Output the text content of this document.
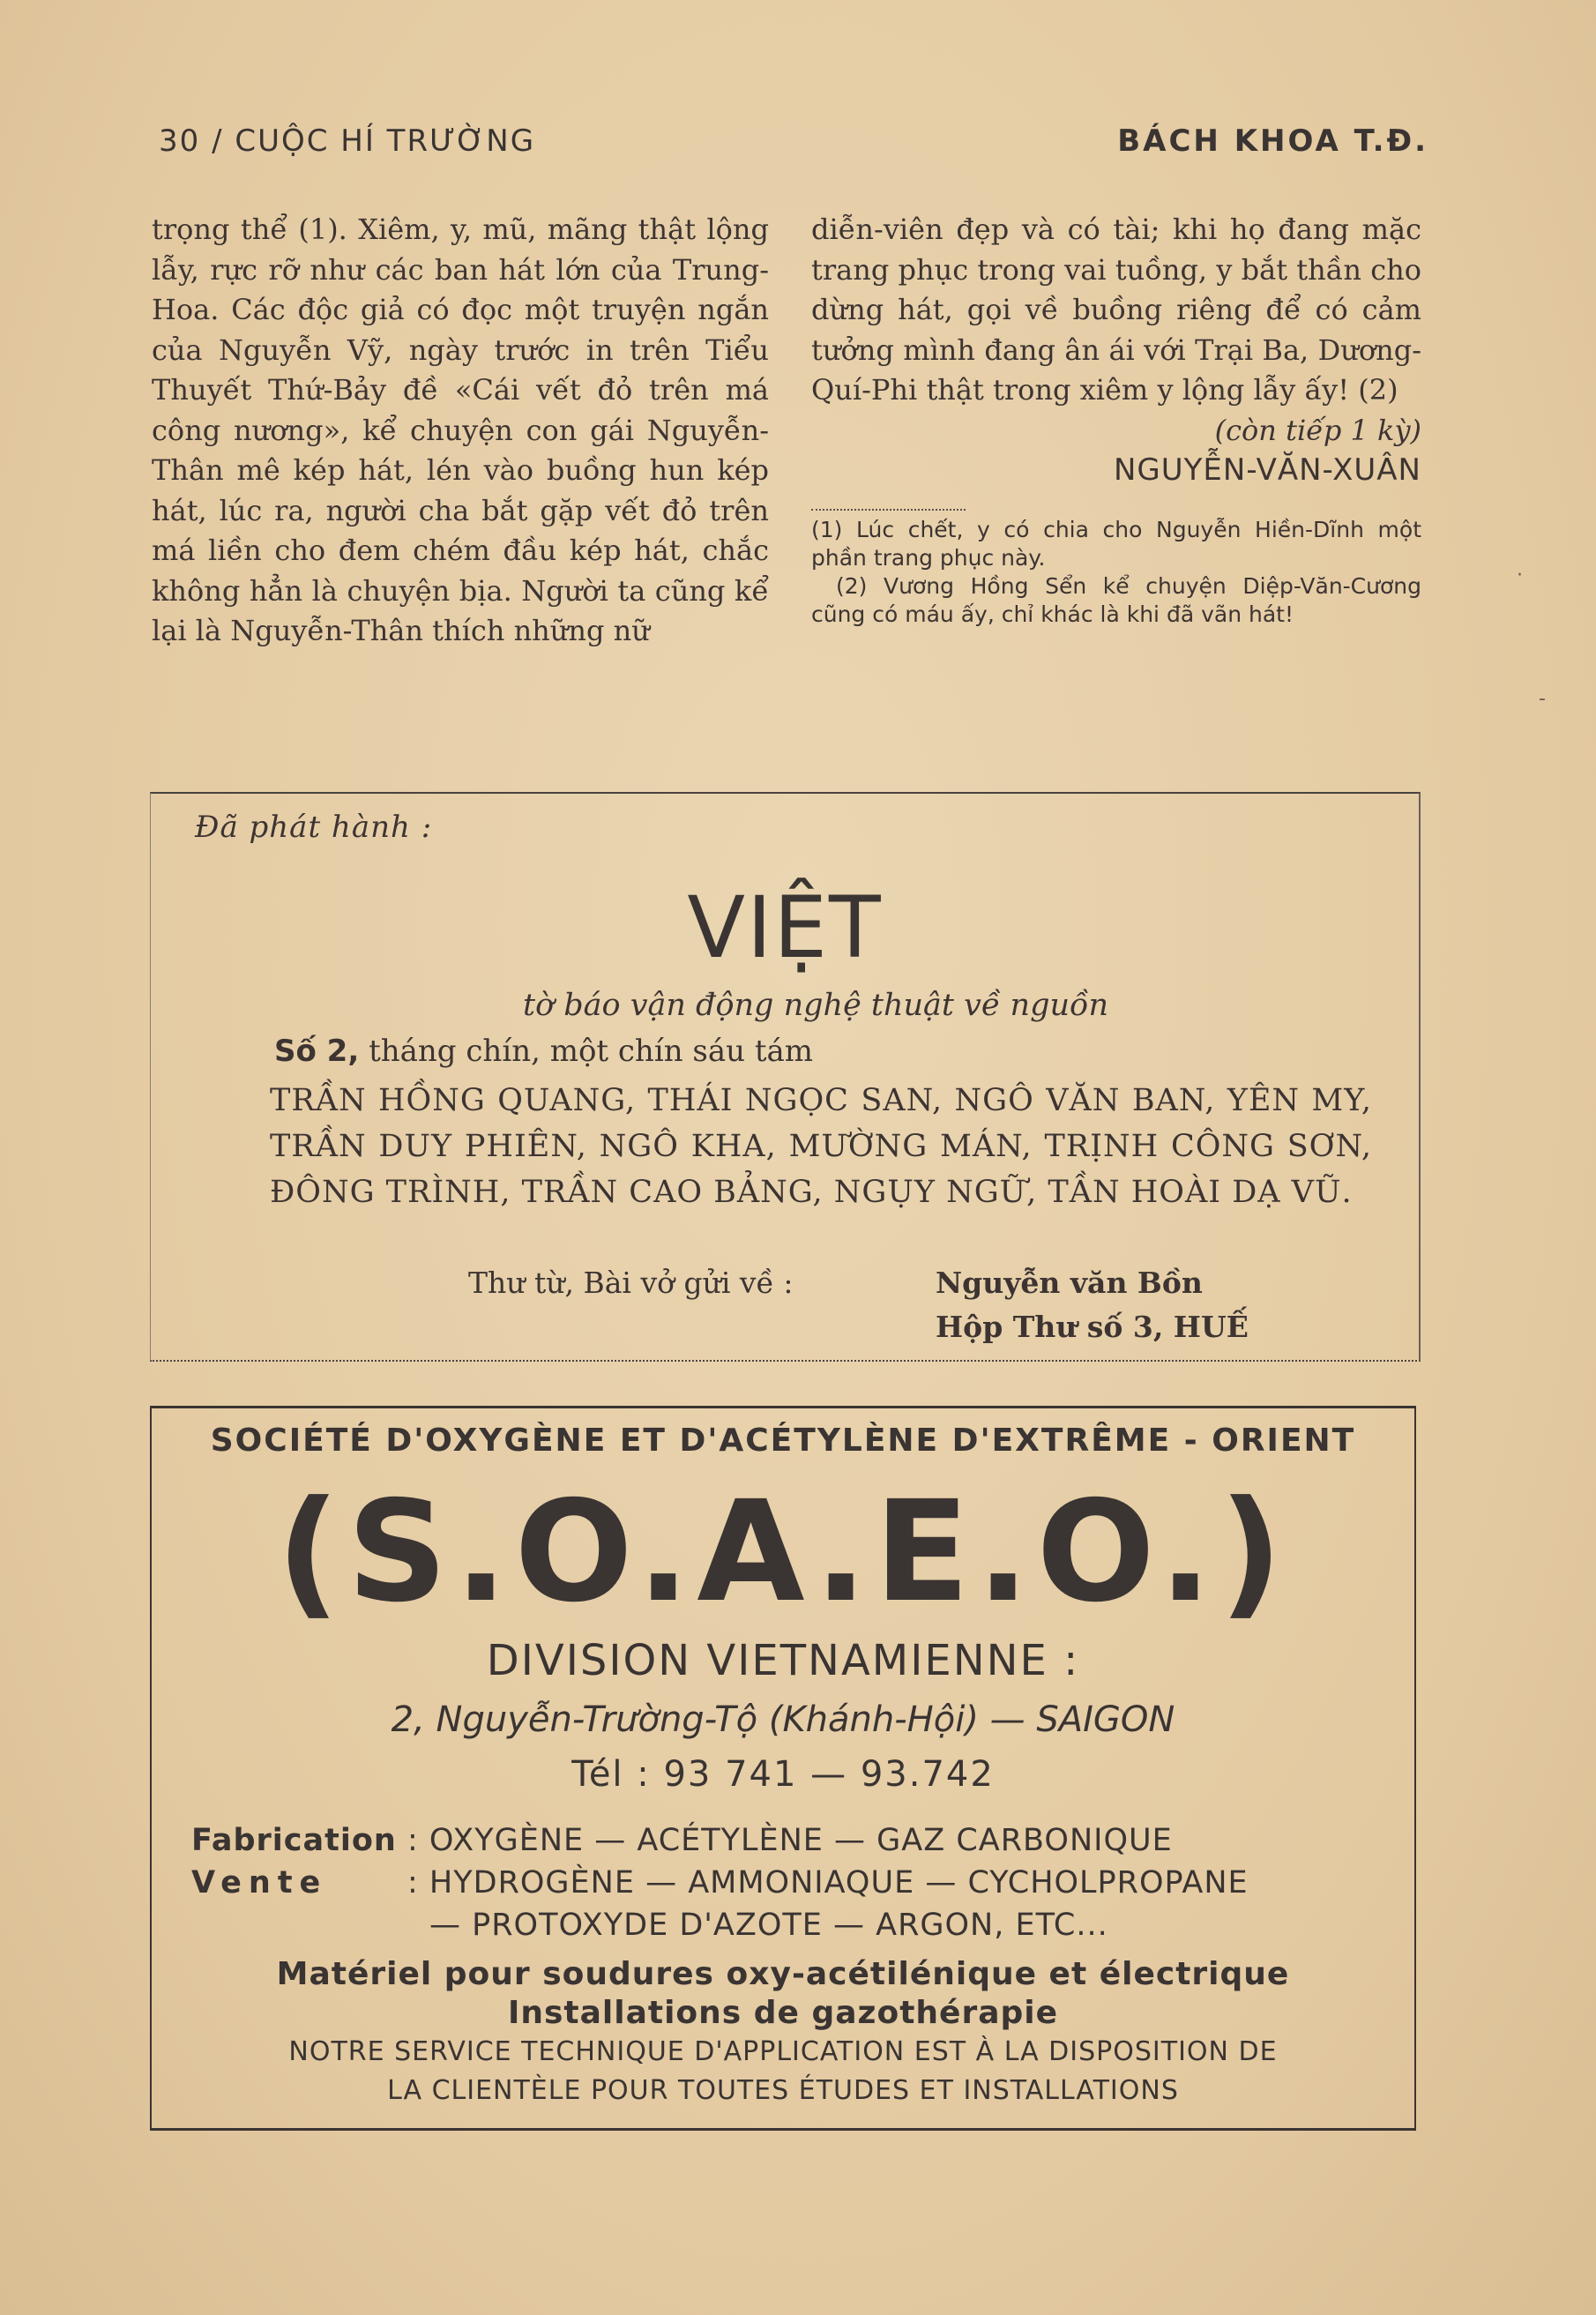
30 / CUỘC HÍ TRƯỜNG	BÁCH KHOA T.Đ.

trọng thể (1). Xiêm, y, mũ, mãng thật lộng lẫy, rực rỡ như các ban hát lớn của Trung-Hoa. Các độc giả có đọc một truyện ngắn của Nguyễn Vỹ, ngày trước in trên Tiểu Thuyết Thứ-Bảy đề «Cái vết đỏ trên má công nương», kể chuyện con gái Nguyễn-Thân mê kép hát, lén vào buồng hun kép hát, lúc ra, người cha bắt gặp vết đỏ trên má liền cho đem chém đầu kép hát, chắc không hẳn là chuyện bịa. Người ta cũng kể lại là Nguyễn-Thân thích những nữ

diễn-viên đẹp và có tài; khi họ đang mặc trang phục trong vai tuồng, y bắt thần cho dừng hát, gọi về buồng riêng để có cảm tưởng mình đang ân ái với Trại Ba, Dương-Quí-Phi thật trong xiêm y lộng lẫy ấy! (2)

(còn tiếp 1 kỳ)

NGUYỄN-VĂN-XUÂN

(1) Lúc chết, y có chia cho Nguyễn Hiền-Dĩnh một phần trang phục này.

(2) Vương Hồng Sển kể chuyện Diệp-Văn-Cương cũng có máu ấy, chỉ khác là khi đã vãn hát!

Đã phát hành :
VIỆT
tờ báo vận động nghệ thuật về nguồn
Số 2, tháng chín, một chín sáu tám
TRẦN HỒNG QUANG, THÁI NGỌC SAN, NGÔ VĂN BAN, YÊN MY, TRẦN DUY PHIÊN, NGÔ KHA, MƯỜNG MÁN, TRỊNH CÔNG SƠN, ĐÔNG TRÌNH, TRẦN CAO BẢNG, NGỤY NGỮ, TẦN HOÀI DẠ VŨ.
Thư từ, Bài vở gửi về :	Nguyễn văn Bồn
Hộp Thư số 3, HUẾ
SOCIÉTÉ D'OXYGÈNE ET D'ACÉTYLÈNE D'EXTRÊME - ORIENT
(S.O.A.E.O.)
DIVISION VIETNAMIENNE :
2, Nguyễn-Trường-Tộ (Khánh-Hội) — SAIGON
Tél : 93 741 — 93.742
Fabrication : OXYGÈNE — ACÉTYLÈNE — GAZ CARBONIQUE
Vente	: HYDROGÈNE — AMMONIAQUE — CYCHOLPROPANE
— PROTOXYDE D'AZOTE — ARGON, ETC...
Matériel pour soudures oxy-acétilénique et électrique
Installations de gazothérapie
NOTRE SERVICE TECHNIQUE D'APPLICATION EST À LA DISPOSITION DE
LA CLIENTÈLE POUR TOUTES ÉTUDES ET INSTALLATIONS
·
-
